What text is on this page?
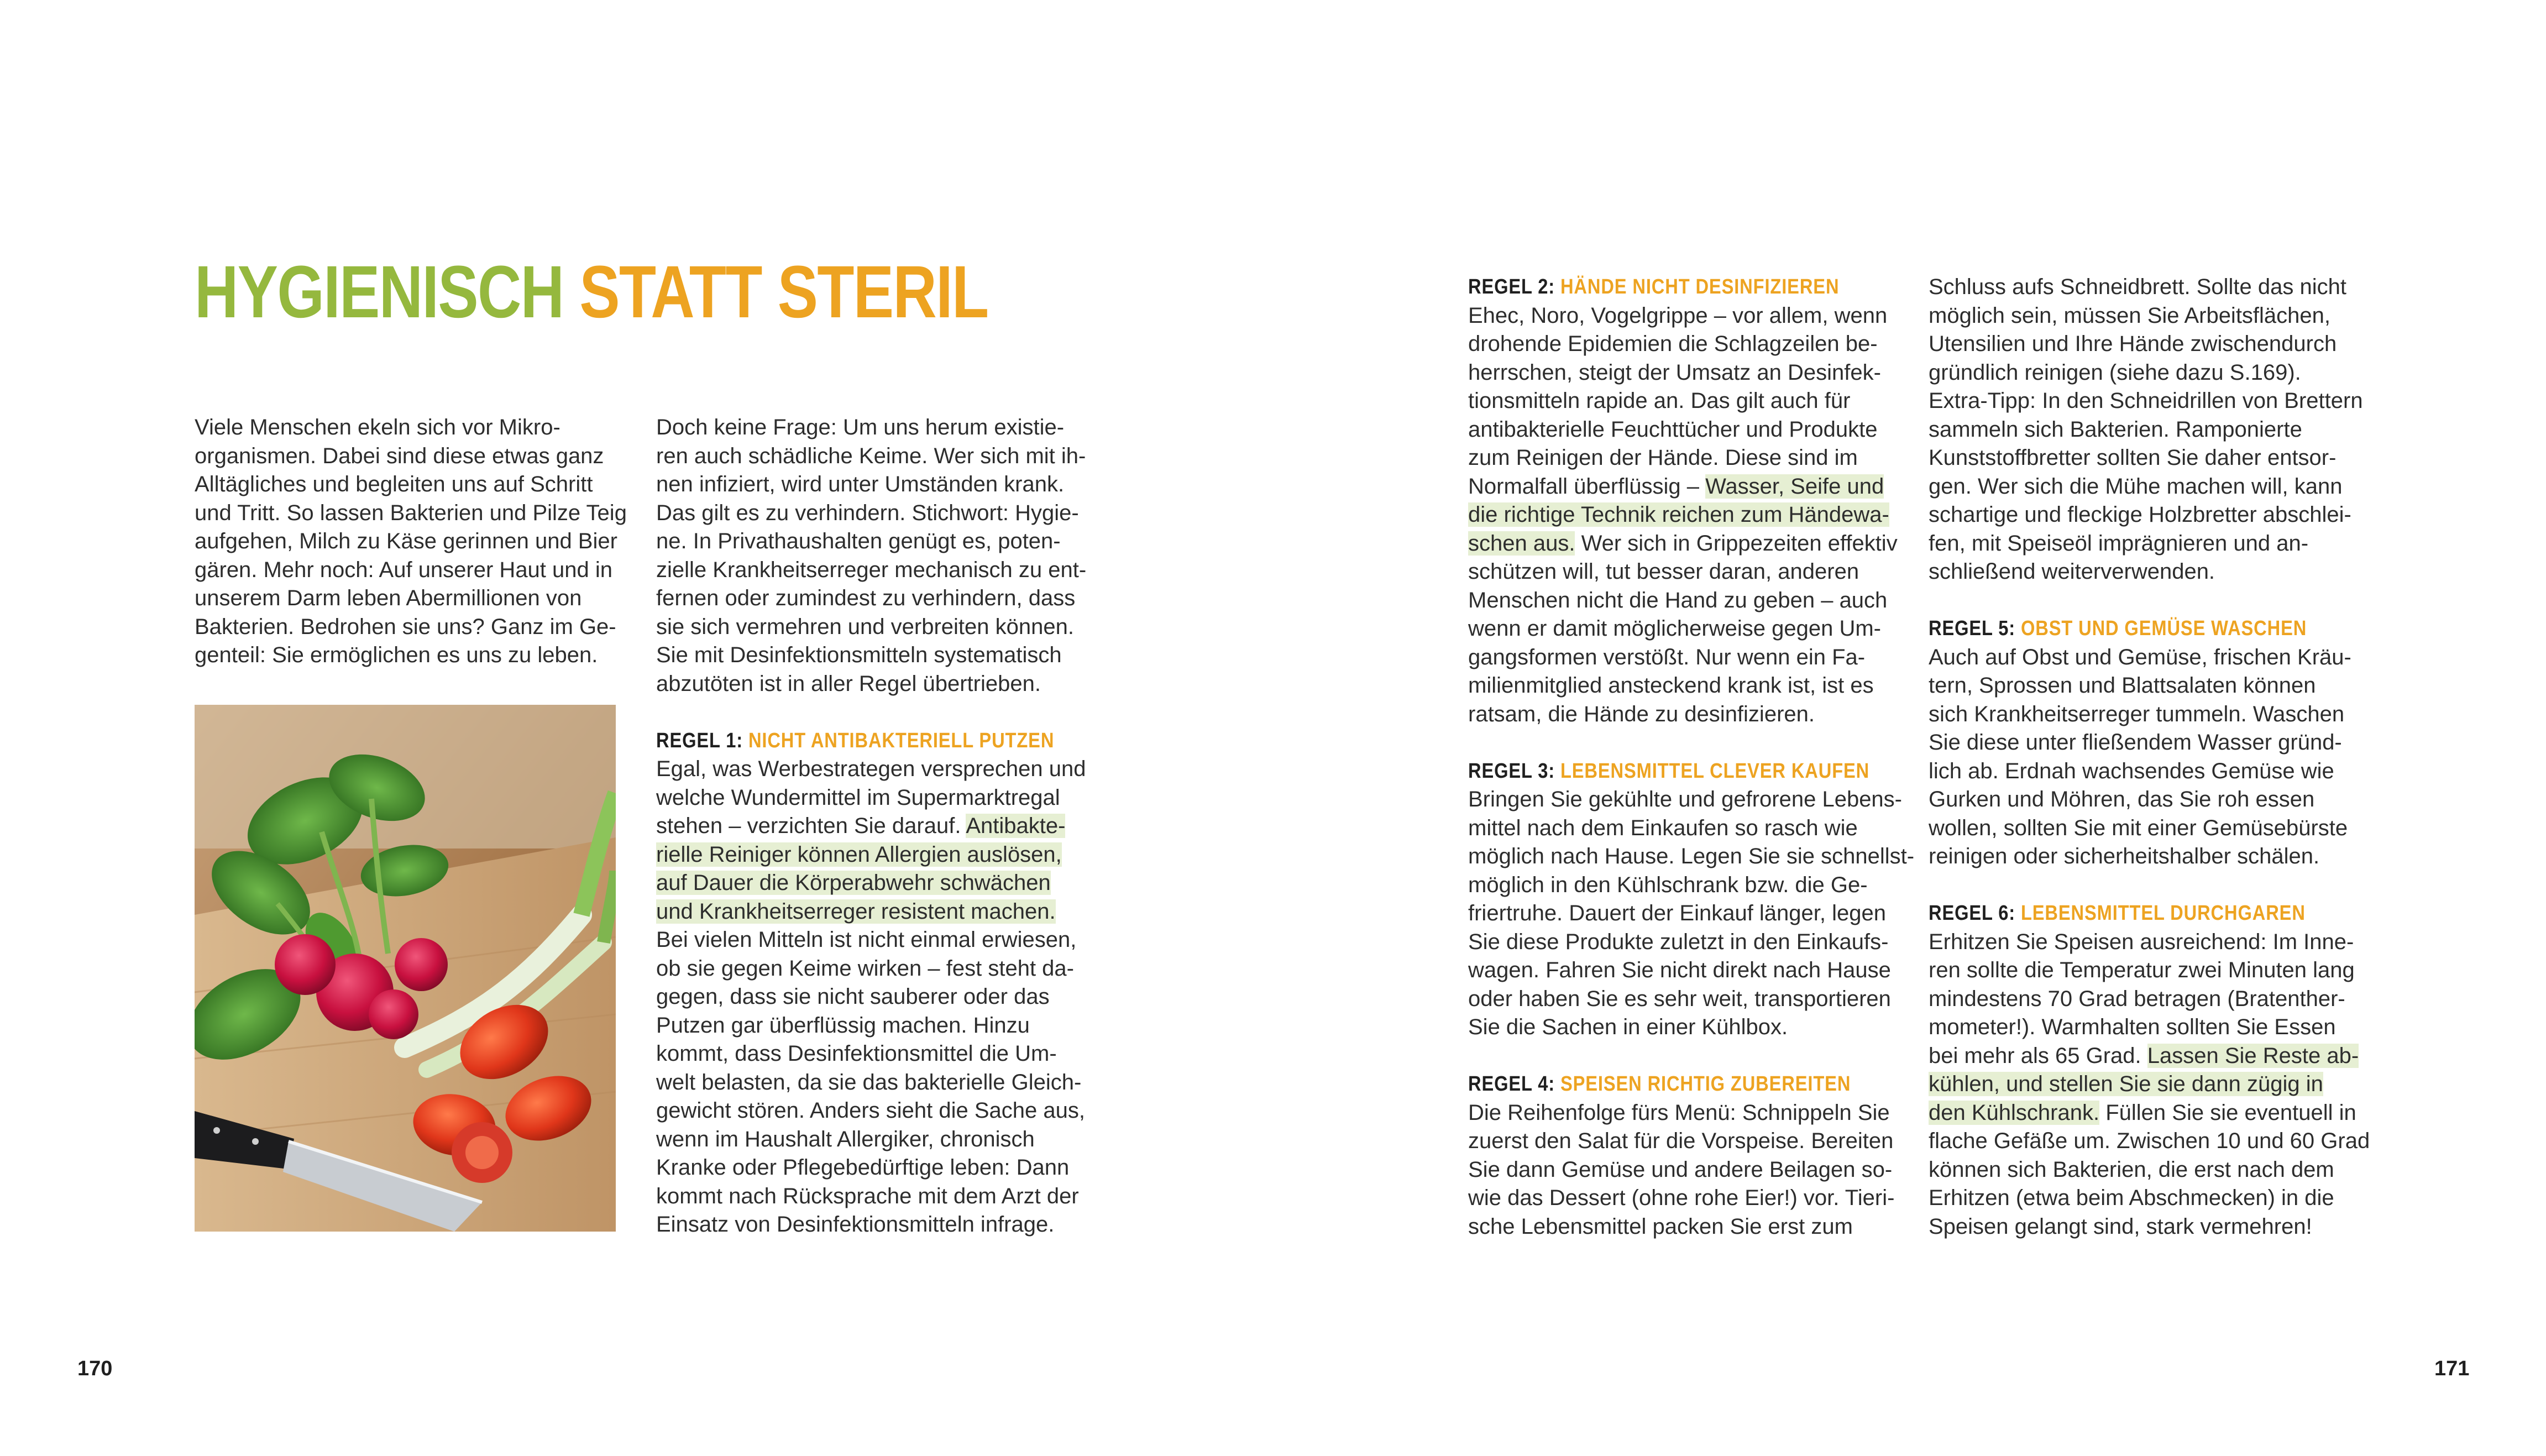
HYGIENISCH STATT STERIL
Viele Menschen ekeln sich vor Mikro-
organismen. Dabei sind diese etwas ganz
Alltägliches und begleiten uns auf Schritt
und Tritt. So lassen Bakterien und Pilze Teig
aufgehen, Milch zu Käse gerinnen und Bier
gären. Mehr noch: Auf unserer Haut und in
unserem Darm leben Abermillionen von
Bakterien. Bedrohen sie uns? Ganz im Ge-
genteil: Sie ermöglichen es uns zu leben.
Doch keine Frage: Um uns herum existie-
ren auch schädliche Keime. Wer sich mit ih-
nen infiziert, wird unter Umständen krank.
Das gilt es zu verhindern. Stichwort: Hygie-
ne. In Privathaushalten genügt es, poten-
zielle Krankheitserreger mechanisch zu ent-
fernen oder zumindest zu verhindern, dass
sie sich vermehren und verbreiten können.
Sie mit Desinfektionsmitteln systematisch
abzutöten ist in aller Regel übertrieben.
REGEL 1: NICHT ANTIBAKTERIELL PUTZEN
Egal, was Werbestrategen versprechen und
welche Wundermittel im Supermarktregal
stehen – verzichten Sie darauf. Antibakte-
rielle Reiniger können Allergien auslösen,
auf Dauer die Körperabwehr schwächen
und Krankheitserreger resistent machen.
Bei vielen Mitteln ist nicht einmal erwiesen,
ob sie gegen Keime wirken – fest steht da-
gegen, dass sie nicht sauberer oder das
Putzen gar überflüssig machen. Hinzu
kommt, dass Desinfektionsmittel die Um-
welt belasten, da sie das bakterielle Gleich-
gewicht stören. Anders sieht die Sache aus,
wenn im Haushalt Allergiker, chronisch
Kranke oder Pflegebedürftige leben: Dann
kommt nach Rücksprache mit dem Arzt der
Einsatz von Desinfektionsmitteln infrage.
REGEL 2: HÄNDE NICHT DESINFIZIEREN
Ehec, Noro, Vogelgrippe – vor allem, wenn
drohende Epidemien die Schlagzeilen be-
herrschen, steigt der Umsatz an Desinfek-
tionsmitteln rapide an. Das gilt auch für
antibakterielle Feuchttücher und Produkte
zum Reinigen der Hände. Diese sind im
Normalfall überflüssig – Wasser, Seife und
die richtige Technik reichen zum Händewa-
schen aus. Wer sich in Grippezeiten effektiv
schützen will, tut besser daran, anderen
Menschen nicht die Hand zu geben – auch
wenn er damit möglicherweise gegen Um-
gangsformen verstößt. Nur wenn ein Fa-
milienmitglied ansteckend krank ist, ist es
ratsam, die Hände zu desinfizieren.
REGEL 3: LEBENSMITTEL CLEVER KAUFEN
Bringen Sie gekühlte und gefrorene Lebens-
mittel nach dem Einkaufen so rasch wie
möglich nach Hause. Legen Sie sie schnellst-
möglich in den Kühlschrank bzw. die Ge-
friertruhe. Dauert der Einkauf länger, legen
Sie diese Produkte zuletzt in den Einkaufs-
wagen. Fahren Sie nicht direkt nach Hause
oder haben Sie es sehr weit, transportieren
Sie die Sachen in einer Kühlbox.
REGEL 4: SPEISEN RICHTIG ZUBEREITEN
Die Reihenfolge fürs Menü: Schnippeln Sie
zuerst den Salat für die Vorspeise. Bereiten
Sie dann Gemüse und andere Beilagen so-
wie das Dessert (ohne rohe Eier!) vor. Tieri-
sche Lebensmittel packen Sie erst zum
Schluss aufs Schneidbrett. Sollte das nicht
möglich sein, müssen Sie Arbeitsflächen,
Utensilien und Ihre Hände zwischendurch
gründlich reinigen (siehe dazu S.169).
Extra-Tipp: In den Schneidrillen von Brettern
sammeln sich Bakterien. Ramponierte
Kunststoffbretter sollten Sie daher entsor-
gen. Wer sich die Mühe machen will, kann
schartige und fleckige Holzbretter abschlei-
fen, mit Speiseöl imprägnieren und an-
schließend weiterverwenden.
REGEL 5: OBST UND GEMÜSE WASCHEN
Auch auf Obst und Gemüse, frischen Kräu-
tern, Sprossen und Blattsalaten können
sich Krankheitserreger tummeln. Waschen
Sie diese unter fließendem Wasser gründ-
lich ab. Erdnah wachsendes Gemüse wie
Gurken und Möhren, das Sie roh essen
wollen, sollten Sie mit einer Gemüsebürste
reinigen oder sicherheitshalber schälen.
REGEL 6: LEBENSMITTEL DURCHGAREN
Erhitzen Sie Speisen ausreichend: Im Inne-
ren sollte die Temperatur zwei Minuten lang
mindestens 70 Grad betragen (Bratenther-
mometer!). Warmhalten sollten Sie Essen
bei mehr als 65 Grad. Lassen Sie Reste ab-
kühlen, und stellen Sie sie dann zügig in
den Kühlschrank. Füllen Sie sie eventuell in
flache Gefäße um. Zwischen 10 und 60 Grad
können sich Bakterien, die erst nach dem
Erhitzen (etwa beim Abschmecken) in die
Speisen gelangt sind, stark vermehren!
170	171
